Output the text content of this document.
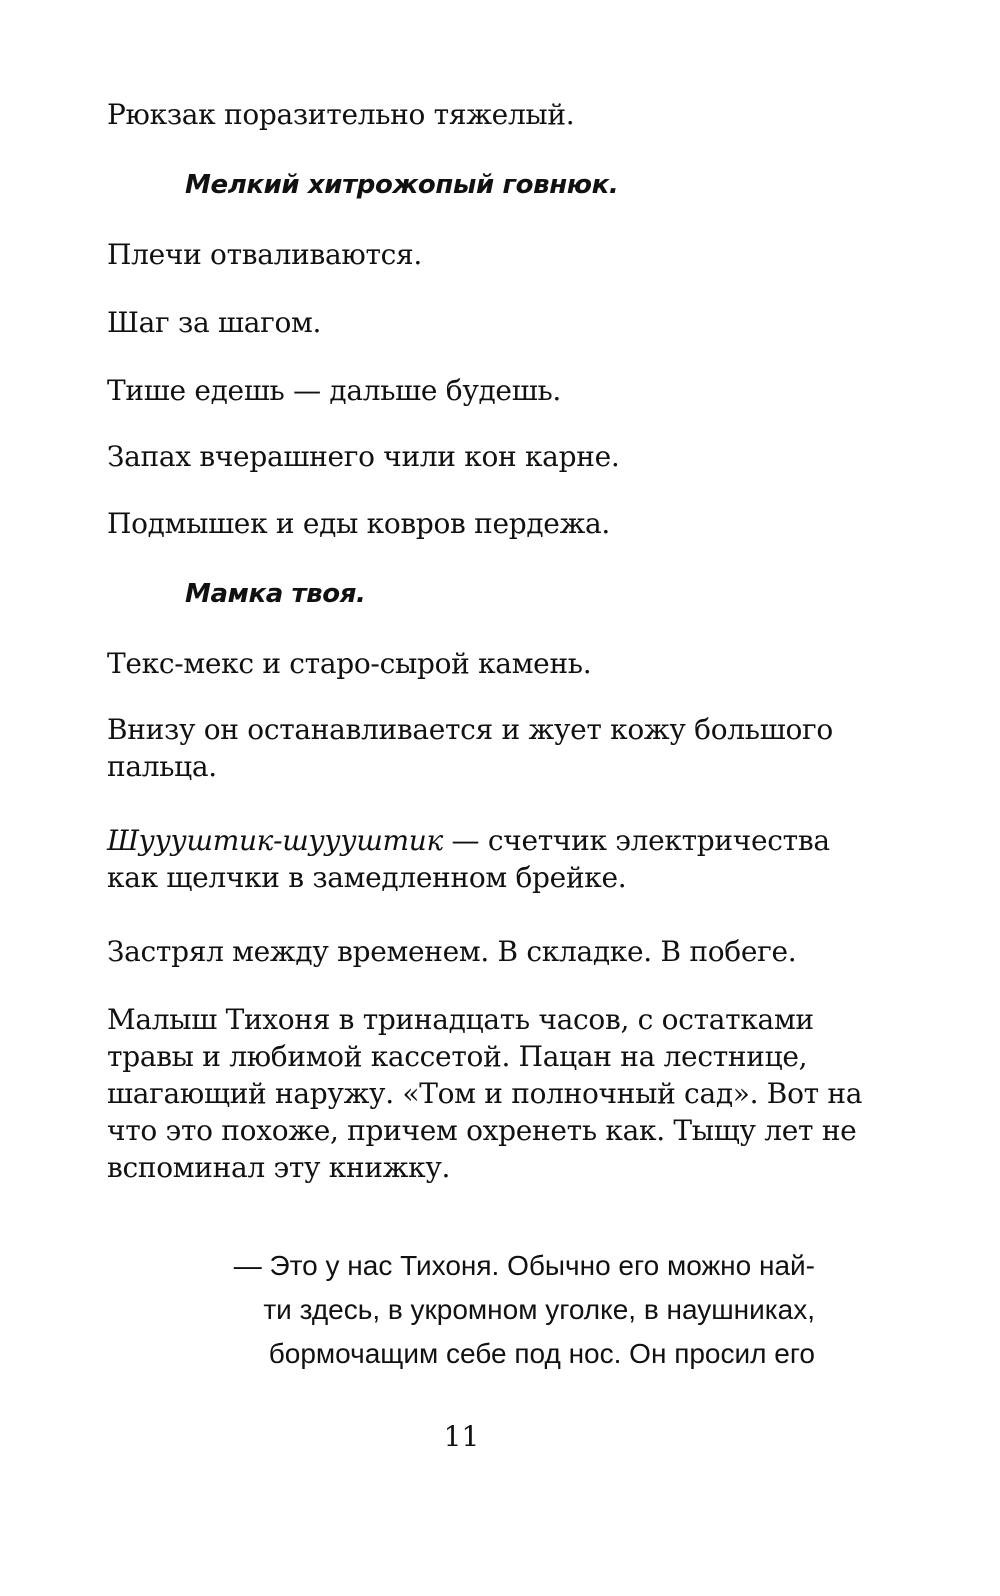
Рюкзак поразительно тяжелый.

Мелкий хитрожопый говнюк.

Плечи отваливаются.

Шаг за шагом.

Тише едешь — дальше будешь.

Запах вчерашнего чили кон карне.

Подмышек и еды ковров пердежа.

Мамка твоя.

Текс-мекс и старо-сырой камень.

Внизу он останавливается и жует кожу большого
пальца.

Шуууштик-шуууштик — счетчик электричества
как щелчки в замедленном брейке.

Застрял между временем. В складке. В побеге.

Малыш Тихоня в тринадцать часов, с остатками
травы и любимой кассетой. Пацан на лестнице,
шагающий наружу. «Том и полночный сад». Вот на
что это похоже, причем охренеть как. Тыщу лет не
вспоминал эту книжку.

— Это у нас Тихоня. Обычно его можно най-
ти здесь, в укромном уголке, в наушниках,
бормочащим себе под нос. Он просил его

11
